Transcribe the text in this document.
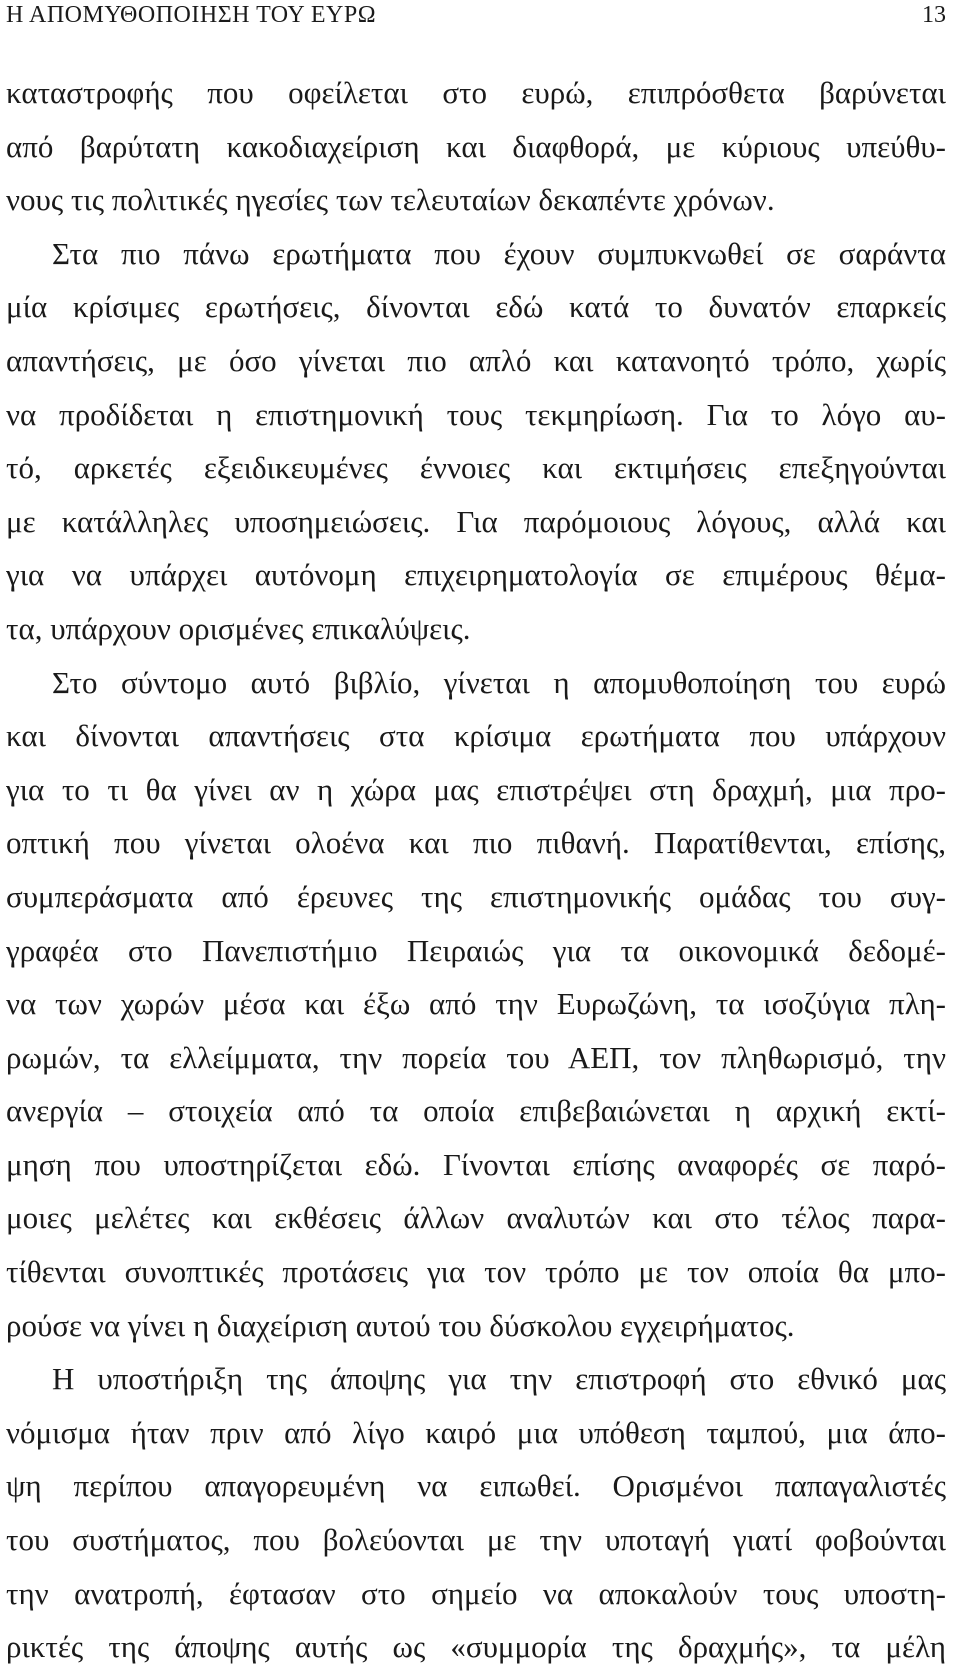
Η ΑΠΟΜΥΘΟΠΟΙΗΣΗ ΤΟΥ ΕΥΡΩ	13
καταστροφής που οφείλεται στο ευρώ, επιπρόσθετα βαρύνεται
από βαρύτατη κακοδιαχείριση και διαφθορά, με κύριους υπεύθυ-
νους τις πολιτικές ηγεσίες των τελευταίων δεκαπέντε χρόνων.
Στα πιο πάνω ερωτήματα που έχουν συμπυκνωθεί σε σαράντα
μία κρίσιμες ερωτήσεις, δίνονται εδώ κατά το δυνατόν επαρκείς
απαντήσεις, με όσο γίνεται πιο απλό και κατανοητό τρόπο, χωρίς
να προδίδεται η επιστημονική τους τεκμηρίωση. Για το λόγο αυ-
τό, αρκετές εξειδικευμένες έννοιες και εκτιμήσεις επεξηγούνται
με κατάλληλες υποσημειώσεις. Για παρόμοιους λόγους, αλλά και
για να υπάρχει αυτόνομη επιχειρηματολογία σε επιμέρους θέμα-
τα, υπάρχουν ορισμένες επικαλύψεις.
Στο σύντομο αυτό βιβλίο, γίνεται η απομυθοποίηση του ευρώ
και δίνονται απαντήσεις στα κρίσιμα ερωτήματα που υπάρχουν
για το τι θα γίνει αν η χώρα μας επιστρέψει στη δραχμή, μια προ-
οπτική που γίνεται ολοένα και πιο πιθανή. Παρατίθενται, επίσης,
συμπεράσματα από έρευνες της επιστημονικής ομάδας του συγ-
γραφέα στο Πανεπιστήμιο Πειραιώς για τα οικονομικά δεδομέ-
να των χωρών μέσα και έξω από την Ευρωζώνη, τα ισοζύγια πλη-
ρωμών, τα ελλείμματα, την πορεία του ΑΕΠ, τον πληθωρισμό, την
ανεργία – στοιχεία από τα οποία επιβεβαιώνεται η αρχική εκτί-
μηση που υποστηρίζεται εδώ. Γίνονται επίσης αναφορές σε παρό-
μοιες μελέτες και εκθέσεις άλλων αναλυτών και στο τέλος παρα-
τίθενται συνοπτικές προτάσεις για τον τρόπο με τον οποία θα μπο-
ρούσε να γίνει η διαχείριση αυτού του δύσκολου εγχειρήματος.
Η υποστήριξη της άποψης για την επιστροφή στο εθνικό μας
νόμισμα ήταν πριν από λίγο καιρό μια υπόθεση ταμπού, μια άπο-
ψη περίπου απαγορευμένη να ειπωθεί. Ορισμένοι παπαγαλιστές
του συστήματος, που βολεύονται με την υποταγή γιατί φοβούνται
την ανατροπή, έφτασαν στο σημείο να αποκαλούν τους υποστη-
ρικτές της άποψης αυτής ως «συμμορία της δραχμής», τα μέλη
